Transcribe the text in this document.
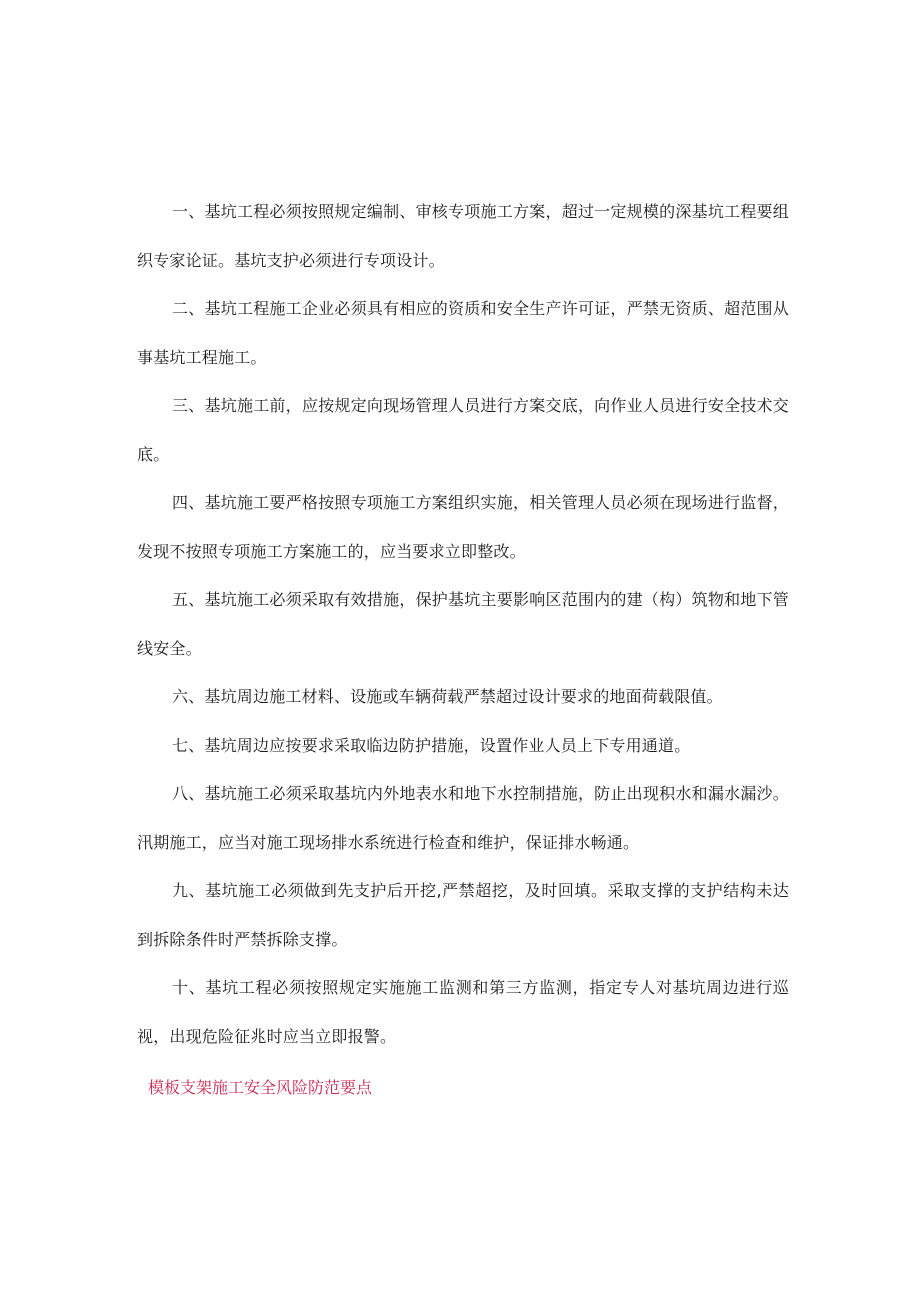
一、基坑工程必须按照规定编制、审核专项施工方案，超过一定规模的深基坑工程要组织专家论证。基坑支护必须进行专项设计。

二、基坑工程施工企业必须具有相应的资质和安全生产许可证，严禁无资质、超范围从事基坑工程施工。

三、基坑施工前，应按规定向现场管理人员进行方案交底，向作业人员进行安全技术交底。

四、基坑施工要严格按照专项施工方案组织实施，相关管理人员必须在现场进行监督，发现不按照专项施工方案施工的，应当要求立即整改。

五、基坑施工必须采取有效措施，保护基坑主要影响区范围内的建（构）筑物和地下管线安全。

六、基坑周边施工材料、设施或车辆荷载严禁超过设计要求的地面荷载限值。

七、基坑周边应按要求采取临边防护措施，设置作业人员上下专用通道。

八、基坑施工必须采取基坑内外地表水和地下水控制措施，防止出现积水和漏水漏沙。汛期施工，应当对施工现场排水系统进行检查和维护，保证排水畅通。

九、基坑施工必须做到先支护后开挖,严禁超挖，及时回填。采取支撑的支护结构未达到拆除条件时严禁拆除支撑。

十、基坑工程必须按照规定实施施工监测和第三方监测，指定专人对基坑周边进行巡视，出现危险征兆时应当立即报警。

模板支架施工安全风险防范要点
